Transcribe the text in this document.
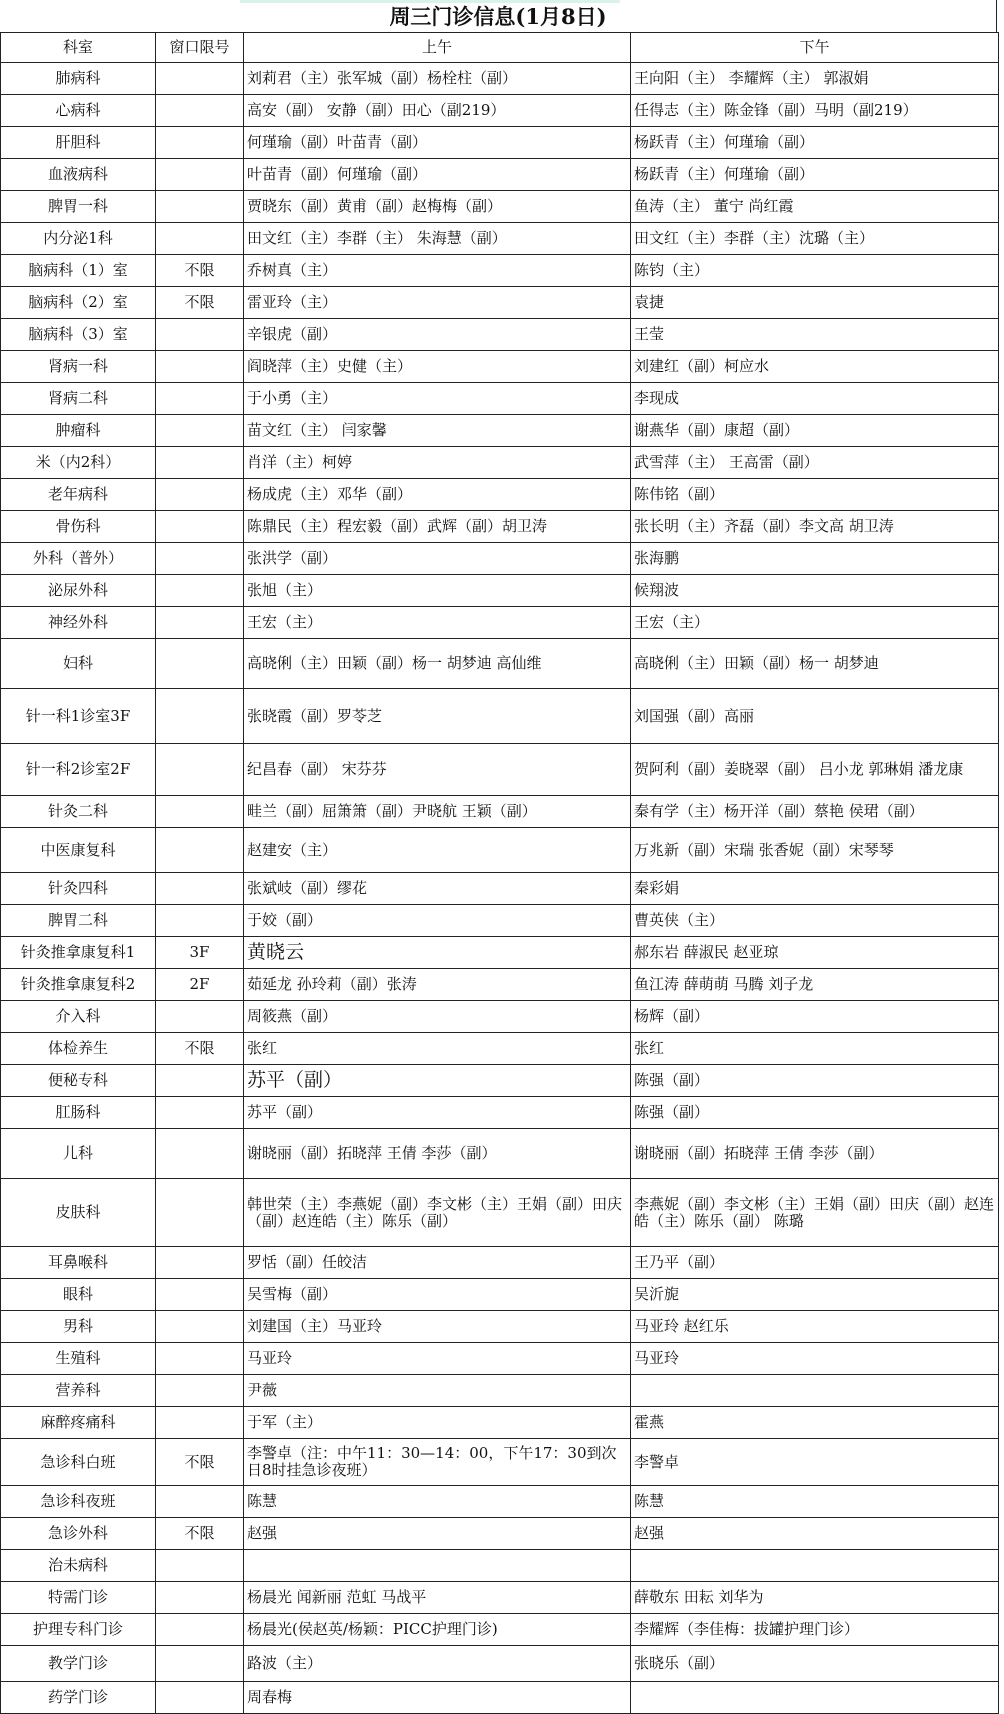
周三门诊信息(1月8日)
科室	窗口限号	上午	下午
肺病科		刘莉君（主）张军城（副）杨栓柱（副）	王向阳（主） 李耀辉（主） 郭淑娟
心病科		高安（副） 安静（副）田心（副219）	任得志（主）陈金锋（副）马明（副219）
肝胆科		何瑾瑜（副）叶苗青（副）	杨跃青（主）何瑾瑜（副）
血液病科		叶苗青（副）何瑾瑜（副）	杨跃青（主）何瑾瑜（副）
脾胃一科		贾晓东（副）黄甫（副）赵梅梅（副）	鱼涛（主） 董宁 尚红霞
内分泌1科		田文红（主）李群（主） 朱海慧（副）	田文红（主）李群（主）沈璐（主）
脑病科（1）室	不限	乔树真（主）	陈钧（主）
脑病科（2）室	不限	雷亚玲（主）	袁捷
脑病科（3）室		辛银虎（副）	王莹
肾病一科		阎晓萍（主）史健（主）	刘建红（副）柯应水
肾病二科		于小勇（主）	李现成
肿瘤科		苗文红（主） 闫家馨	谢燕华（副）康超（副）
米（内2科）		肖洋（主）柯婷	武雪萍（主） 王高雷（副）
老年病科		杨成虎（主）邓华（副）	陈伟铭（副）
骨伤科		陈鼎民（主）程宏毅（副）武辉（副）胡卫涛	张长明（主）齐磊（副）李文高 胡卫涛
外科（普外）		张洪学（副）	张海鹏
泌尿外科		张旭（主）	候翔波
神经外科		王宏（主）	王宏（主）
妇科		高晓俐（主）田颖（副）杨一 胡梦迪 高仙维	高晓俐（主）田颖（副）杨一 胡梦迪
针一科1诊室3F		张晓霞（副）罗苓芝	刘国强（副）高丽
针一科2诊室2F		纪昌春（副） 宋芬芬	贺阿利（副）姜晓翠（副） 吕小龙 郭琳娟 潘龙康
针灸二科		畦兰（副）屈箫箫（副）尹晓航 王颖（副）	秦有学（主）杨开洋（副）蔡艳 侯珺（副）
中医康复科		赵建安（主）	万兆新（副）宋瑞 张香妮（副）宋琴琴
针灸四科		张斌岐（副）缪花	秦彩娟
脾胃二科		于姣（副）	曹英侠（主）
针灸推拿康复科1	3F	黄晓云	郝东岩 薛淑民 赵亚琼
针灸推拿康复科2	2F	茹延龙 孙玲莉（副）张涛	鱼江涛 薛萌萌 马腾 刘子龙
介入科		周筱燕（副）	杨辉（副）
体检养生	不限	张红	张红
便秘专科		苏平（副）	陈强（副）
肛肠科		苏平（副）	陈强（副）
儿科		谢晓丽（副）拓晓萍 王倩 李莎（副）	谢晓丽（副）拓晓萍 王倩 李莎（副）
皮肤科		韩世荣（主）李燕妮（副）李文彬（主）王娟（副）田庆（副）赵连皓（主）陈乐（副）	李燕妮（副）李文彬（主）王娟（副）田庆（副）赵连皓（主）陈乐（副） 陈璐
耳鼻喉科		罗恬（副）任皎洁	王乃平（副）
眼科		吴雪梅（副）	吴沂旎
男科		刘建国（主）马亚玲	马亚玲 赵红乐
生殖科		马亚玲	马亚玲
营养科		尹薇	
麻醉疼痛科		于军（主）	霍燕
急诊科白班	不限	李警卓（注：中午11：30—14：00，下午17：30到次日8时挂急诊夜班）	李警卓
急诊科夜班		陈慧	陈慧
急诊外科	不限	赵强	赵强
治未病科			
特需门诊		杨晨光 闻新丽 范虹 马战平	薛敬东 田耘 刘华为
护理专科门诊		杨晨光(侯赵英/杨颖：PICC护理门诊)	李耀辉（李佳梅：拔罐护理门诊）
教学门诊		路波（主）	张晓乐（副）
药学门诊		周春梅	
